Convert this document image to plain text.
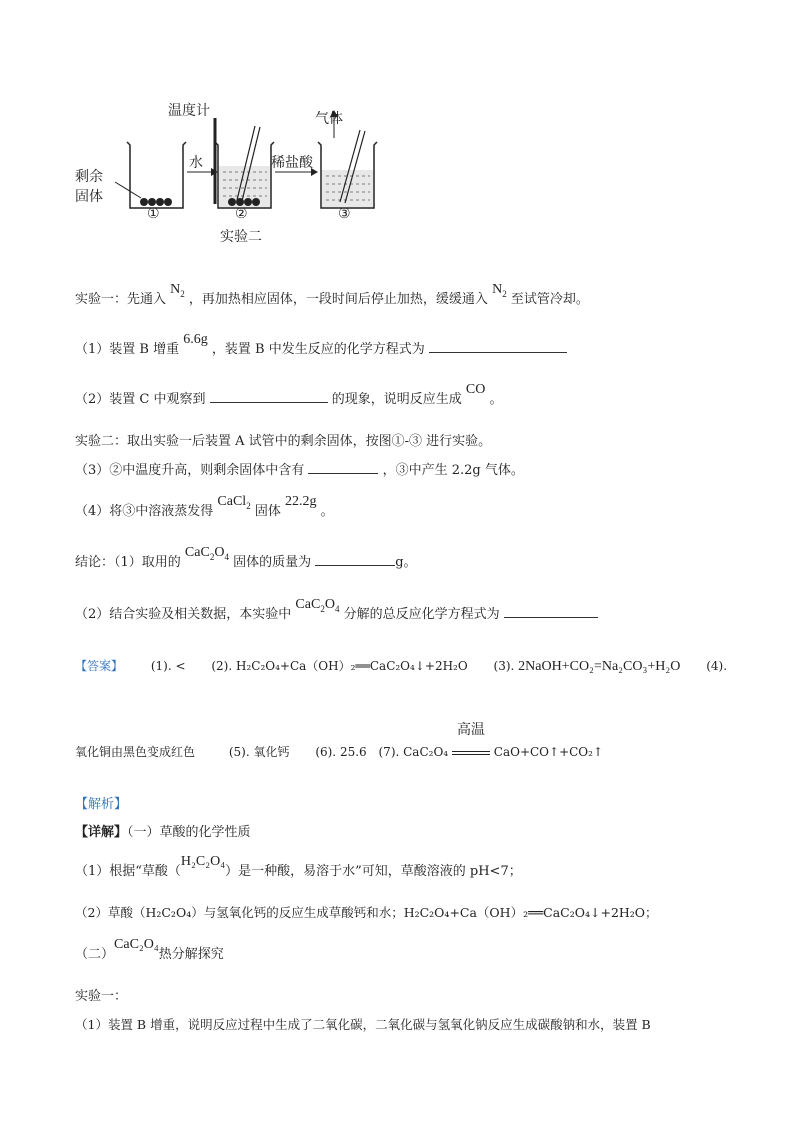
温度计	气体
水	稀盐酸
剩余
固体
①	②	③
实验二
实验一：先通入 $N_2$ ，再加热相应固体，一段时间后停止加热，缓缓通入 $N_2$ 至试管冷却。
（1）装置 B 增重 6.6g ，装置 B 中发生反应的化学方程式为
（2）装置 C 中观察到	的现象，说明反应生成 CO 。
实验二：取出实验一后装置 A 试管中的剩余固体，按图①-③ 进行实验。
（3）②中温度升高，则剩余固体中含有	，③中产生 2.2g 气体。
（4）将③中溶液蒸发得 CaCl$_2$ 固体 22.2g 。
结论：（1）取用的 $CaC_2O_4$ 固体的质量为	g。
（2）结合实验及相关数据，本实验中 $CaC_2O_4$ 分解的总反应化学方程式为
【答案】 (1). < (2). H₂C₂O₄+Ca（OH）₂══CaC₂O₄↓+2H₂O (3). 2NaOH+CO₂=Na₂CO₃+H₂O (4).
氧化铜由黑色变成红色	(5). 氧化钙 (6). 25.6 (7). CaC₂O₄
高温
CaO+CO↑+CO₂↑
【解析】
【详解】（一）草酸的化学性质
（1）根据“草酸（H₂C₂O₄）是一种酸，易溶于水”可知，草酸溶液的 pH<7；
（2）草酸（H₂C₂O₄）与氢氧化钙的反应生成草酸钙和水；H₂C₂O₄+Ca（OH）₂══CaC₂O₄↓+2H₂O；
（二）CaC₂O₄热分解探究
实验一：
（1）装置 B 增重，说明反应过程中生成了二氧化碳，二氧化碳与氢氧化钠反应生成碳酸钠和水，装置 B
